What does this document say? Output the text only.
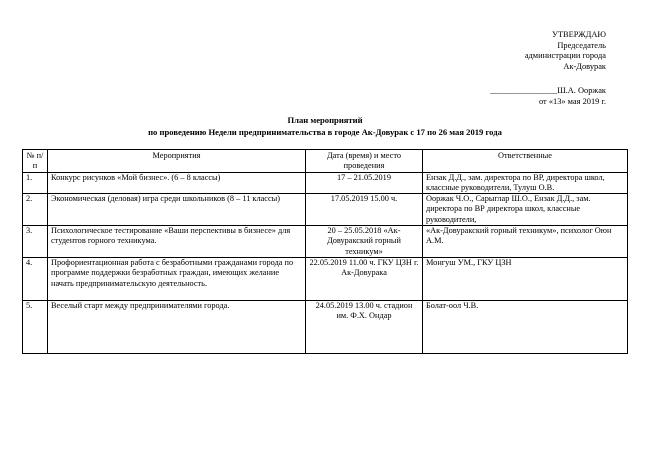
УТВЕРЖДАЮ
Председатель
администрации города
Ак-Довурак
________________Ш.А. Ооржак
от «13» мая 2019 г.
План мероприятий
по проведению Недели предпринимательства в городе Ак-Довурак с 17 по 26 мая 2019 года
№ п/п	Мероприятия	Дата (время) и место проведения	Ответственные
1.	Конкурс рисунков «Мой бизнес». (6 – 8 классы)	17 – 21.05.2019	Ензак Д.Д., зам. директора по ВР, директора школ, классные руководители, Тулуш О.В.
2.	Экономическая (деловая) игра среди школьников (8 – 11 классы)	17.05.2019 15.00 ч.	Ооржак Ч.О., Сарыглар Ш.О., Ензак Д.Д., зам. директора по ВР директора школ, классные руководители,
3.	Психологическое тестирование «Ваши перспективы в бизнесе» для студентов горного техникума.	20 – 25.05.2018 «Ак-Довуракский горный техникум»	«Ак-Довуракский горный техникум», психолог Оюн А.М.
4.	Профориентационная работа с безработными гражданами города по программе поддержки безработных граждан, имеющих желание начать предпринимательскую деятельность.	22.05.2019 11.00 ч. ГКУ ЦЗН г. Ак-Довурака	Монгуш УМ., ГКУ ЦЗН
5.	Веселый старт между предпринимателями города.	24.05.2019 13.00 ч. стадион им. Ф.Х. Ондар	Болат-оол Ч.В.
